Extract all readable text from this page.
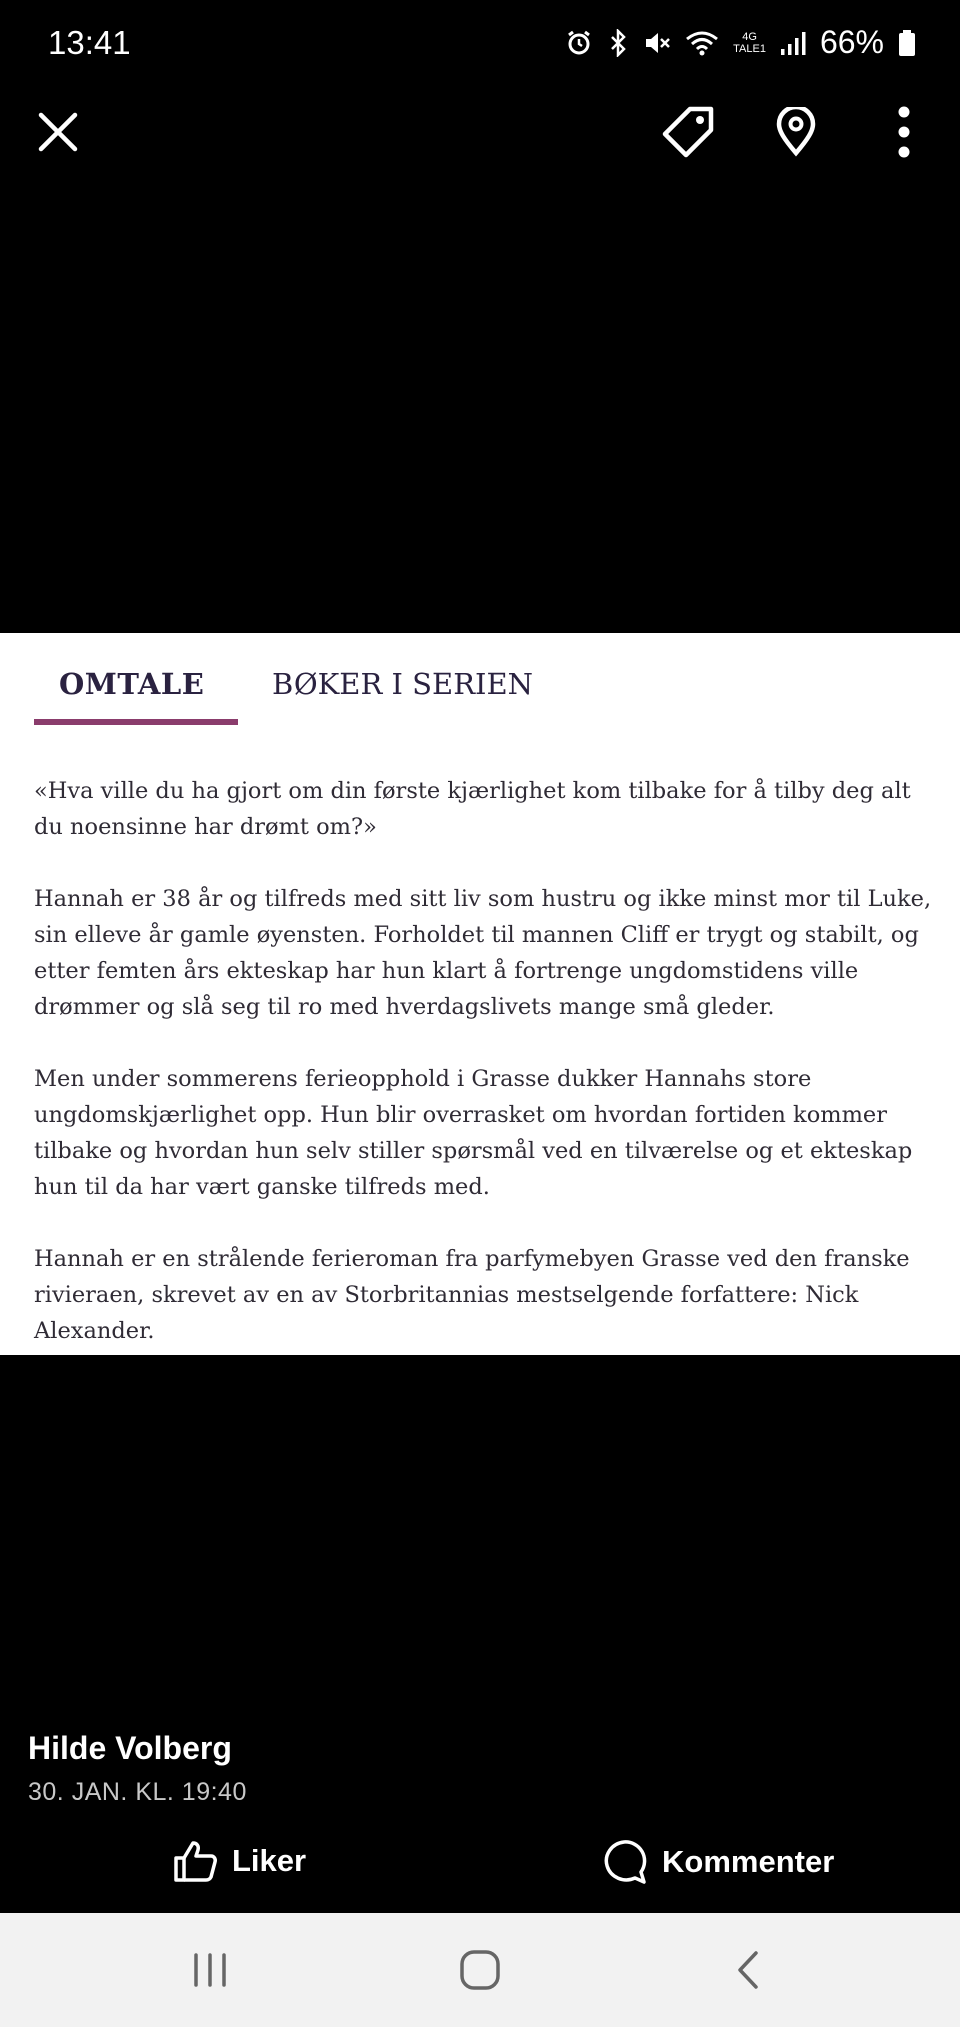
13:41	4G
TALE1 66%
OMTALE	BØKER I SERIEN

«Hva ville du ha gjort om din første kjærlighet kom tilbake for å tilby deg alt du noensinne har drømt om?»

Hannah er 38 år og tilfreds med sitt liv som hustru og ikke minst mor til Luke, sin elleve år gamle øyensten. Forholdet til mannen Cliff er trygt og stabilt, og etter femten års ekteskap har hun klart å fortrenge ungdomstidens ville drømmer og slå seg til ro med hverdagslivets mange små gleder.

Men under sommerens ferieopphold i Grasse dukker Hannahs store ungdomskjærlighet opp. Hun blir overrasket om hvordan fortiden kommer tilbake og hvordan hun selv stiller spørsmål ved en tilværelse og et ekteskap hun til da har vært ganske tilfreds med.

Hannah er en strålende ferieroman fra parfymebyen Grasse ved den franske rivieraen, skrevet av en av Storbritannias mestselgende forfattere: Nick Alexander.

Hilde Volberg
30. JAN. KL. 19:40
Liker	Kommenter
